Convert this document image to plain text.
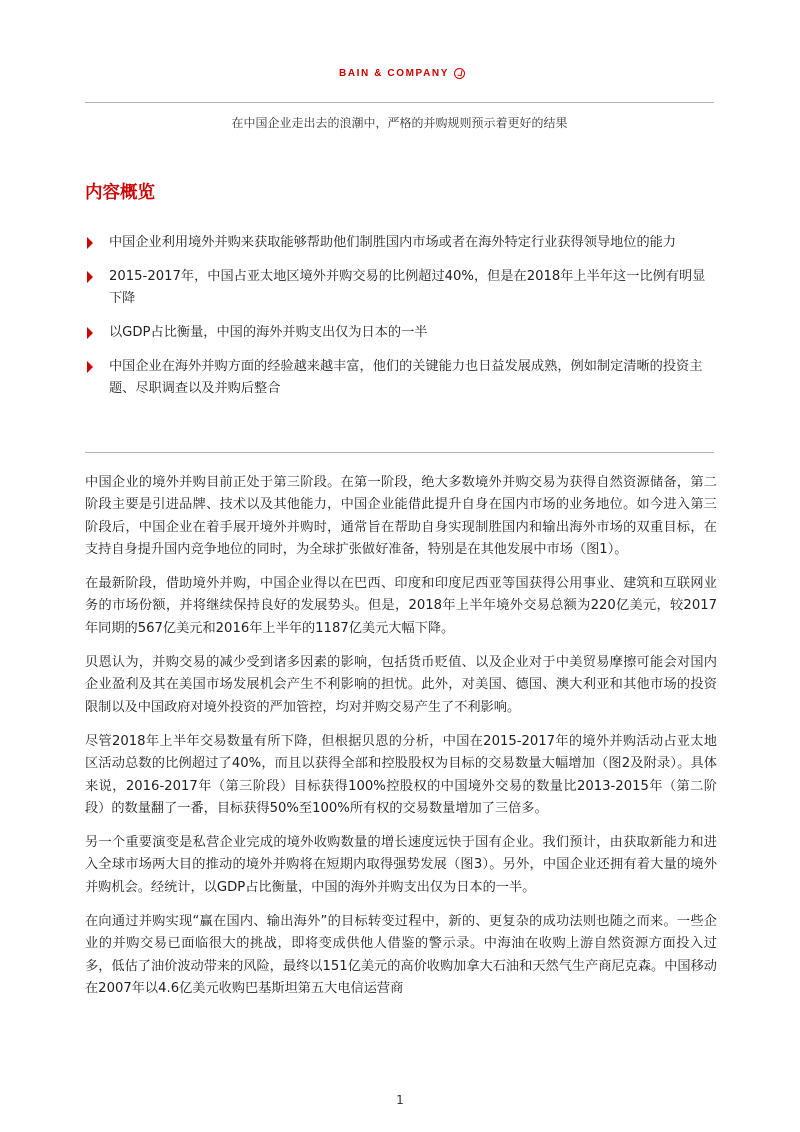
BAIN & COMPANY
在中国企业走出去的浪潮中，严格的并购规则预示着更好的结果
内容概览
中国企业利用境外并购来获取能够帮助他们制胜国内市场或者在海外特定行业获得领导地位的能力
2015-2017年，中国占亚太地区境外并购交易的比例超过40%，但是在2018年上半年这一比例有明显下降
以GDP占比衡量，中国的海外并购支出仅为日本的一半
中国企业在海外并购方面的经验越来越丰富，他们的关键能力也日益发展成熟，例如制定清晰的投资主题、尽职调查以及并购后整合

中国企业的境外并购目前正处于第三阶段。在第一阶段，绝大多数境外并购交易为获得自然资源储备，第二阶段主要是引进品牌、技术以及其他能力，中国企业能借此提升自身在国内市场的业务地位。如今进入第三阶段后，中国企业在着手展开境外并购时，通常旨在帮助自身实现制胜国内和输出海外市场的双重目标，在支持自身提升国内竞争地位的同时，为全球扩张做好准备，特别是在其他发展中市场（图1）。

在最新阶段，借助境外并购，中国企业得以在巴西、印度和印度尼西亚等国获得公用事业、建筑和互联网业务的市场份额，并将继续保持良好的发展势头。但是，2018年上半年境外交易总额为220亿美元，较2017年同期的567亿美元和2016年上半年的1187亿美元大幅下降。

贝恩认为，并购交易的减少受到诸多因素的影响，包括货币贬值、以及企业对于中美贸易摩擦可能会对国内企业盈利及其在美国市场发展机会产生不利影响的担忧。此外，对美国、德国、澳大利亚和其他市场的投资限制以及中国政府对境外投资的严加管控，均对并购交易产生了不利影响。

尽管2018年上半年交易数量有所下降，但根据贝恩的分析，中国在2015-2017年的境外并购活动占亚太地区活动总数的比例超过了40%，而且以获得全部和控股股权为目标的交易数量大幅增加（图2及附录）。具体来说，2016-2017年（第三阶段）目标获得100%控股权的中国境外交易的数量比2013-2015年（第二阶段）的数量翻了一番，目标获得50%至100%所有权的交易数量增加了三倍多。

另一个重要演变是私营企业完成的境外收购数量的增长速度远快于国有企业。我们预计，由获取新能力和进入全球市场两大目的推动的境外并购将在短期内取得强势发展（图3）。另外，中国企业还拥有着大量的境外并购机会。经统计，以GDP占比衡量，中国的海外并购支出仅为日本的一半。

在向通过并购实现“赢在国内、输出海外”的目标转变过程中，新的、更复杂的成功法则也随之而来。一些企业的并购交易已面临很大的挑战，即将变成供他人借鉴的警示录。中海油在收购上游自然资源方面投入过多，低估了油价波动带来的风险，最终以151亿美元的高价收购加拿大石油和天然气生产商尼克森。中国移动在2007年以4.6亿美元收购巴基斯坦第五大电信运营商

1
